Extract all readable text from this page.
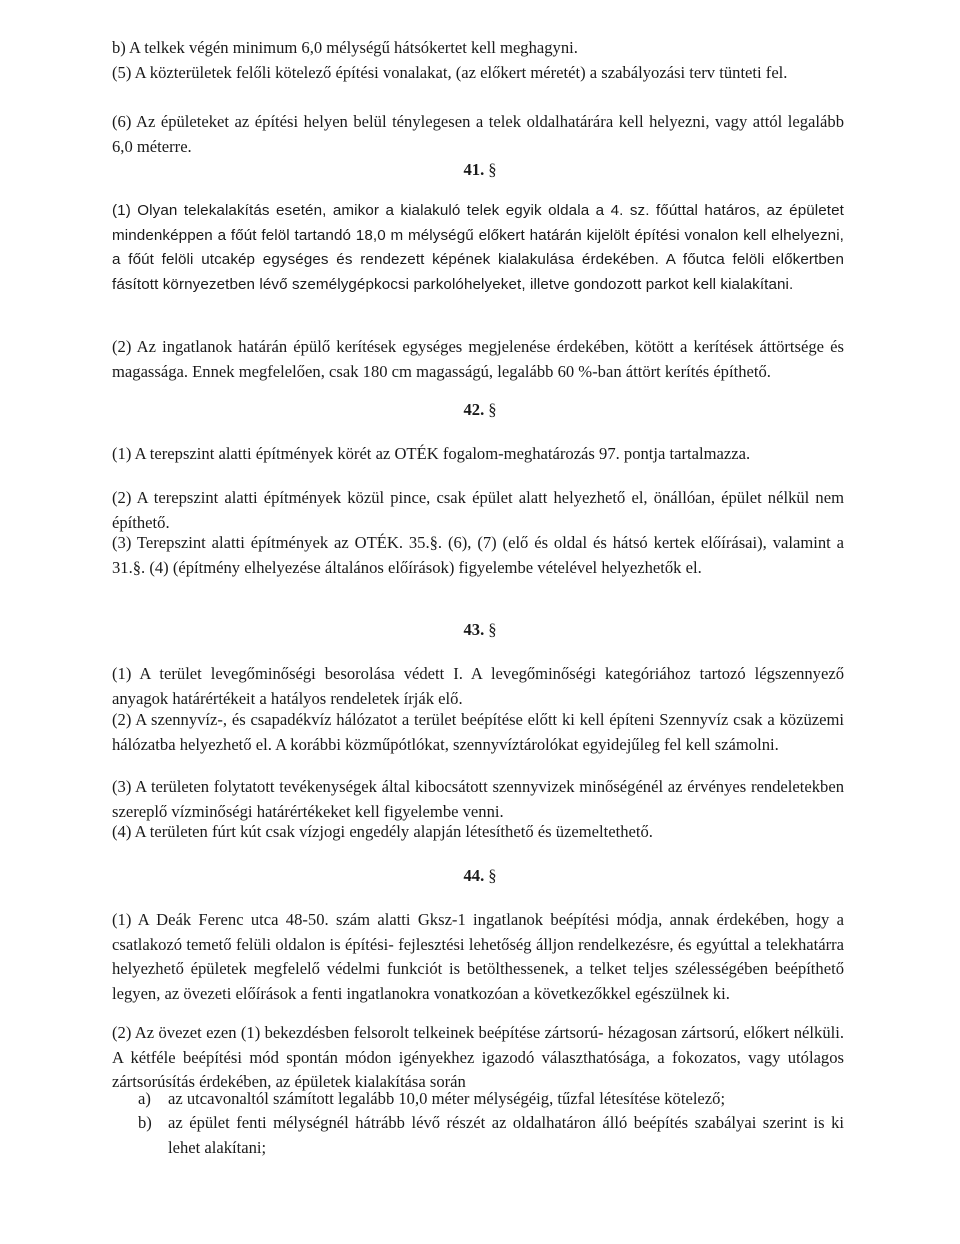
b) A telkek végén minimum 6,0 mélységű hátsókertet kell meghagyni.

(5) A közterületek felőli kötelező építési vonalakat, (az előkert méretét) a szabályozási terv tünteti fel.

(6) Az épületeket az építési helyen belül ténylegesen a telek oldalhatárára kell helyezni, vagy attól legalább 6,0 méterre.

41. §

(1) Olyan telekalakítás esetén, amikor a kialakuló telek egyik oldala a 4. sz. főúttal határos, az épületet mindenképpen a főút felöl tartandó 18,0 m mélységű előkert határán kijelölt építési vonalon kell elhelyezni, a főút felöli utcakép egységes és rendezett képének kialakulása érdekében. A főutca felöli előkertben fásított környezetben lévő személygépkocsi parkolóhelyeket, illetve gondozott parkot kell kialakítani.

(2) Az ingatlanok határán épülő kerítések egységes megjelenése érdekében, kötött a kerítések áttörtsége és magassága. Ennek megfelelően, csak 180 cm magasságú, legalább 60 %-ban áttört kerítés építhető.

42. §

(1) A terepszint alatti építmények körét az OTÉK fogalom-meghatározás 97. pontja tartalmazza.

(2) A terepszint alatti építmények közül pince, csak épület alatt helyezhető el, önállóan, épület nélkül nem építhető.

(3) Terepszint alatti építmények az OTÉK. 35.§. (6), (7) (elő és oldal és hátsó kertek előírásai), valamint a 31.§. (4) (építmény elhelyezése általános előírások) figyelembe vételével helyezhetők el.

43. §

(1) A terület levegőminőségi besorolása védett I. A levegőminőségi kategóriához tartozó légszennyező anyagok határértékeit a hatályos rendeletek írják elő.

(2) A szennyvíz-, és csapadékvíz hálózatot a terület beépítése előtt ki kell építeni Szennyvíz csak a közüzemi hálózatba helyezhető el. A korábbi közműpótlókat, szennyvíztárolókat egyidejűleg fel kell számolni.

(3) A területen folytatott tevékenységek által kibocsátott szennyvizek minőségénél az érvényes rendeletekben szereplő vízminőségi határértékeket kell figyelembe venni.

(4) A területen fúrt kút csak vízjogi engedély alapján létesíthető és üzemeltethető.

44. §

(1) A Deák Ferenc utca 48-50. szám alatti Gksz-1 ingatlanok beépítési módja, annak érdekében, hogy a csatlakozó temető felüli oldalon is építési- fejlesztési lehetőség álljon rendelkezésre, és egyúttal a telekhatárra helyezhető épületek megfelelő védelmi funkciót is betölthessenek, a telket teljes szélességében beépíthető legyen, az övezeti előírások a fenti ingatlanokra vonatkozóan a következőkkel egészülnek ki.

(2) Az övezet ezen (1) bekezdésben felsorolt telkeinek beépítése zártsorú- hézagosan zártsorú, előkert nélküli. A kétféle beépítési mód spontán módon igényekhez igazodó választhatósága, a fokozatos, vagy utólagos zártsorúsítás érdekében, az épületek kialakítása során

a)	az utcavonaltól számított legalább 10,0 méter mélységéig, tűzfal létesítése kötelező;
b) az épület fenti mélységnél hátrább lévő részét az oldalhatáron álló beépítés szabályai szerint is ki lehet alakítani;
